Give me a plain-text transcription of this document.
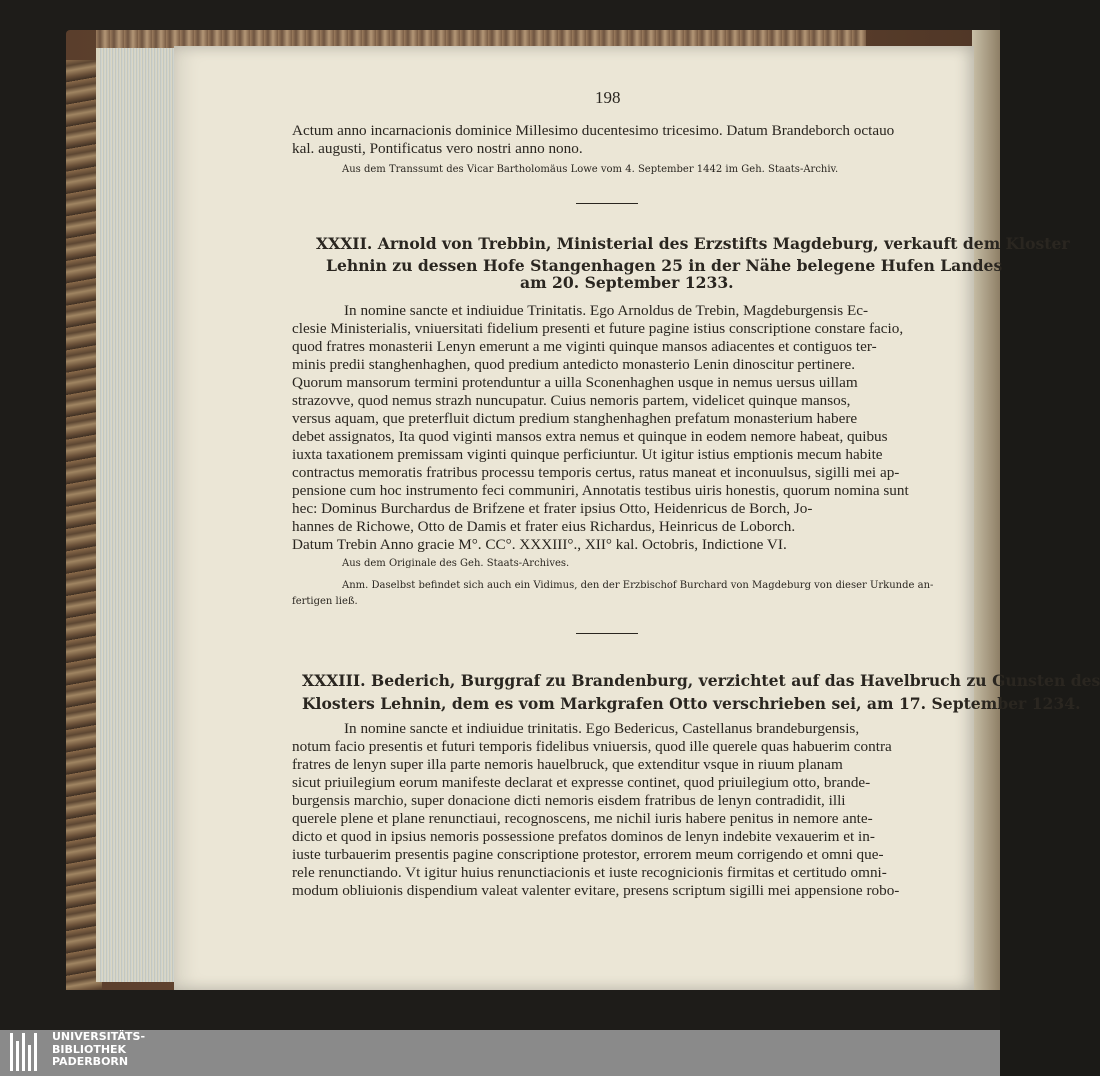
198
Actum anno incarnacionis dominice Millesimo ducentesimo tricesimo. Datum Brandeborch octauo
kal. augusti, Pontificatus vero nostri anno nono.
Aus dem Transsumt des Vicar Bartholomäus Lowe vom 4. September 1442 im Geh. Staats-Archiv.
XXXII. Arnold von Trebbin, Ministerial des Erzstifts Magdeburg, verkauft dem Kloster
Lehnin zu dessen Hofe Stangenhagen 25 in der Nähe belegene Hufen Landes
am 20. September 1233.
In nomine sancte et indiuidue Trinitatis. Ego Arnoldus de Trebin, Magdeburgensis Ec-
clesie Ministerialis, vniuersitati fidelium presenti et future pagine istius conscriptione constare facio,
quod fratres monasterii Lenyn emerunt a me viginti quinque mansos adiacentes et contiguos ter-
minis predii stanghenhaghen, quod predium antedicto monasterio Lenin dinoscitur pertinere.
Quorum mansorum termini protenduntur a uilla Sconenhaghen usque in nemus uersus uillam
strazovve, quod nemus strazh nuncupatur. Cuius nemoris partem, videlicet quinque mansos,
versus aquam, que preterfluit dictum predium stanghenhaghen prefatum monasterium habere
debet assignatos, Ita quod viginti mansos extra nemus et quinque in eodem nemore habeat, quibus
iuxta taxationem premissam viginti quinque perficiuntur. Ut igitur istius emptionis mecum habite
contractus memoratis fratribus processu temporis certus, ratus maneat et inconuulsus, sigilli mei ap-
pensione cum hoc instrumento feci communiri, Annotatis testibus uiris honestis, quorum nomina sunt
hec: Dominus Burchardus de Brifzene et frater ipsius Otto, Heidenricus de Borch, Jo-
hannes de Richowe, Otto de Damis et frater eius Richardus, Heinricus de Loborch.
Datum Trebin Anno gracie M°. CC°. XXXIII°., XII° kal. Octobris, Indictione VI.
Aus dem Originale des Geh. Staats-Archives.
Anm. Daselbst befindet sich auch ein Vidimus, den der Erzbischof Burchard von Magdeburg von dieser Urkunde an-
fertigen ließ.
XXXIII. Bederich, Burggraf zu Brandenburg, verzichtet auf das Havelbruch zu Gunsten des
Klosters Lehnin, dem es vom Markgrafen Otto verschrieben sei, am 17. September 1234.
In nomine sancte et indiuidue trinitatis. Ego Bedericus, Castellanus brandeburgensis,
notum facio presentis et futuri temporis fidelibus vniuersis, quod ille querele quas habuerim contra
fratres de lenyn super illa parte nemoris hauelbruck, que extenditur vsque in riuum planam
sicut priuilegium eorum manifeste declarat et expresse continet, quod priuilegium otto, brande-
burgensis marchio, super donacione dicti nemoris eisdem fratribus de lenyn contradidit, illi
querele plene et plane renunctiaui, recognoscens, me nichil iuris habere penitus in nemore ante-
dicto et quod in ipsius nemoris possessione prefatos dominos de lenyn indebite vexauerim et in-
iuste turbauerim presentis pagine conscriptione protestor, errorem meum corrigendo et omni que-
rele renunctiando. Vt igitur huius renunctiacionis et iuste recognicionis firmitas et certitudo omni-
modum obliuionis dispendium valeat valenter evitare, presens scriptum sigilli mei appensione robo-
UNIVERSITÄTS-
BIBLIOTHEK
PADERBORN
